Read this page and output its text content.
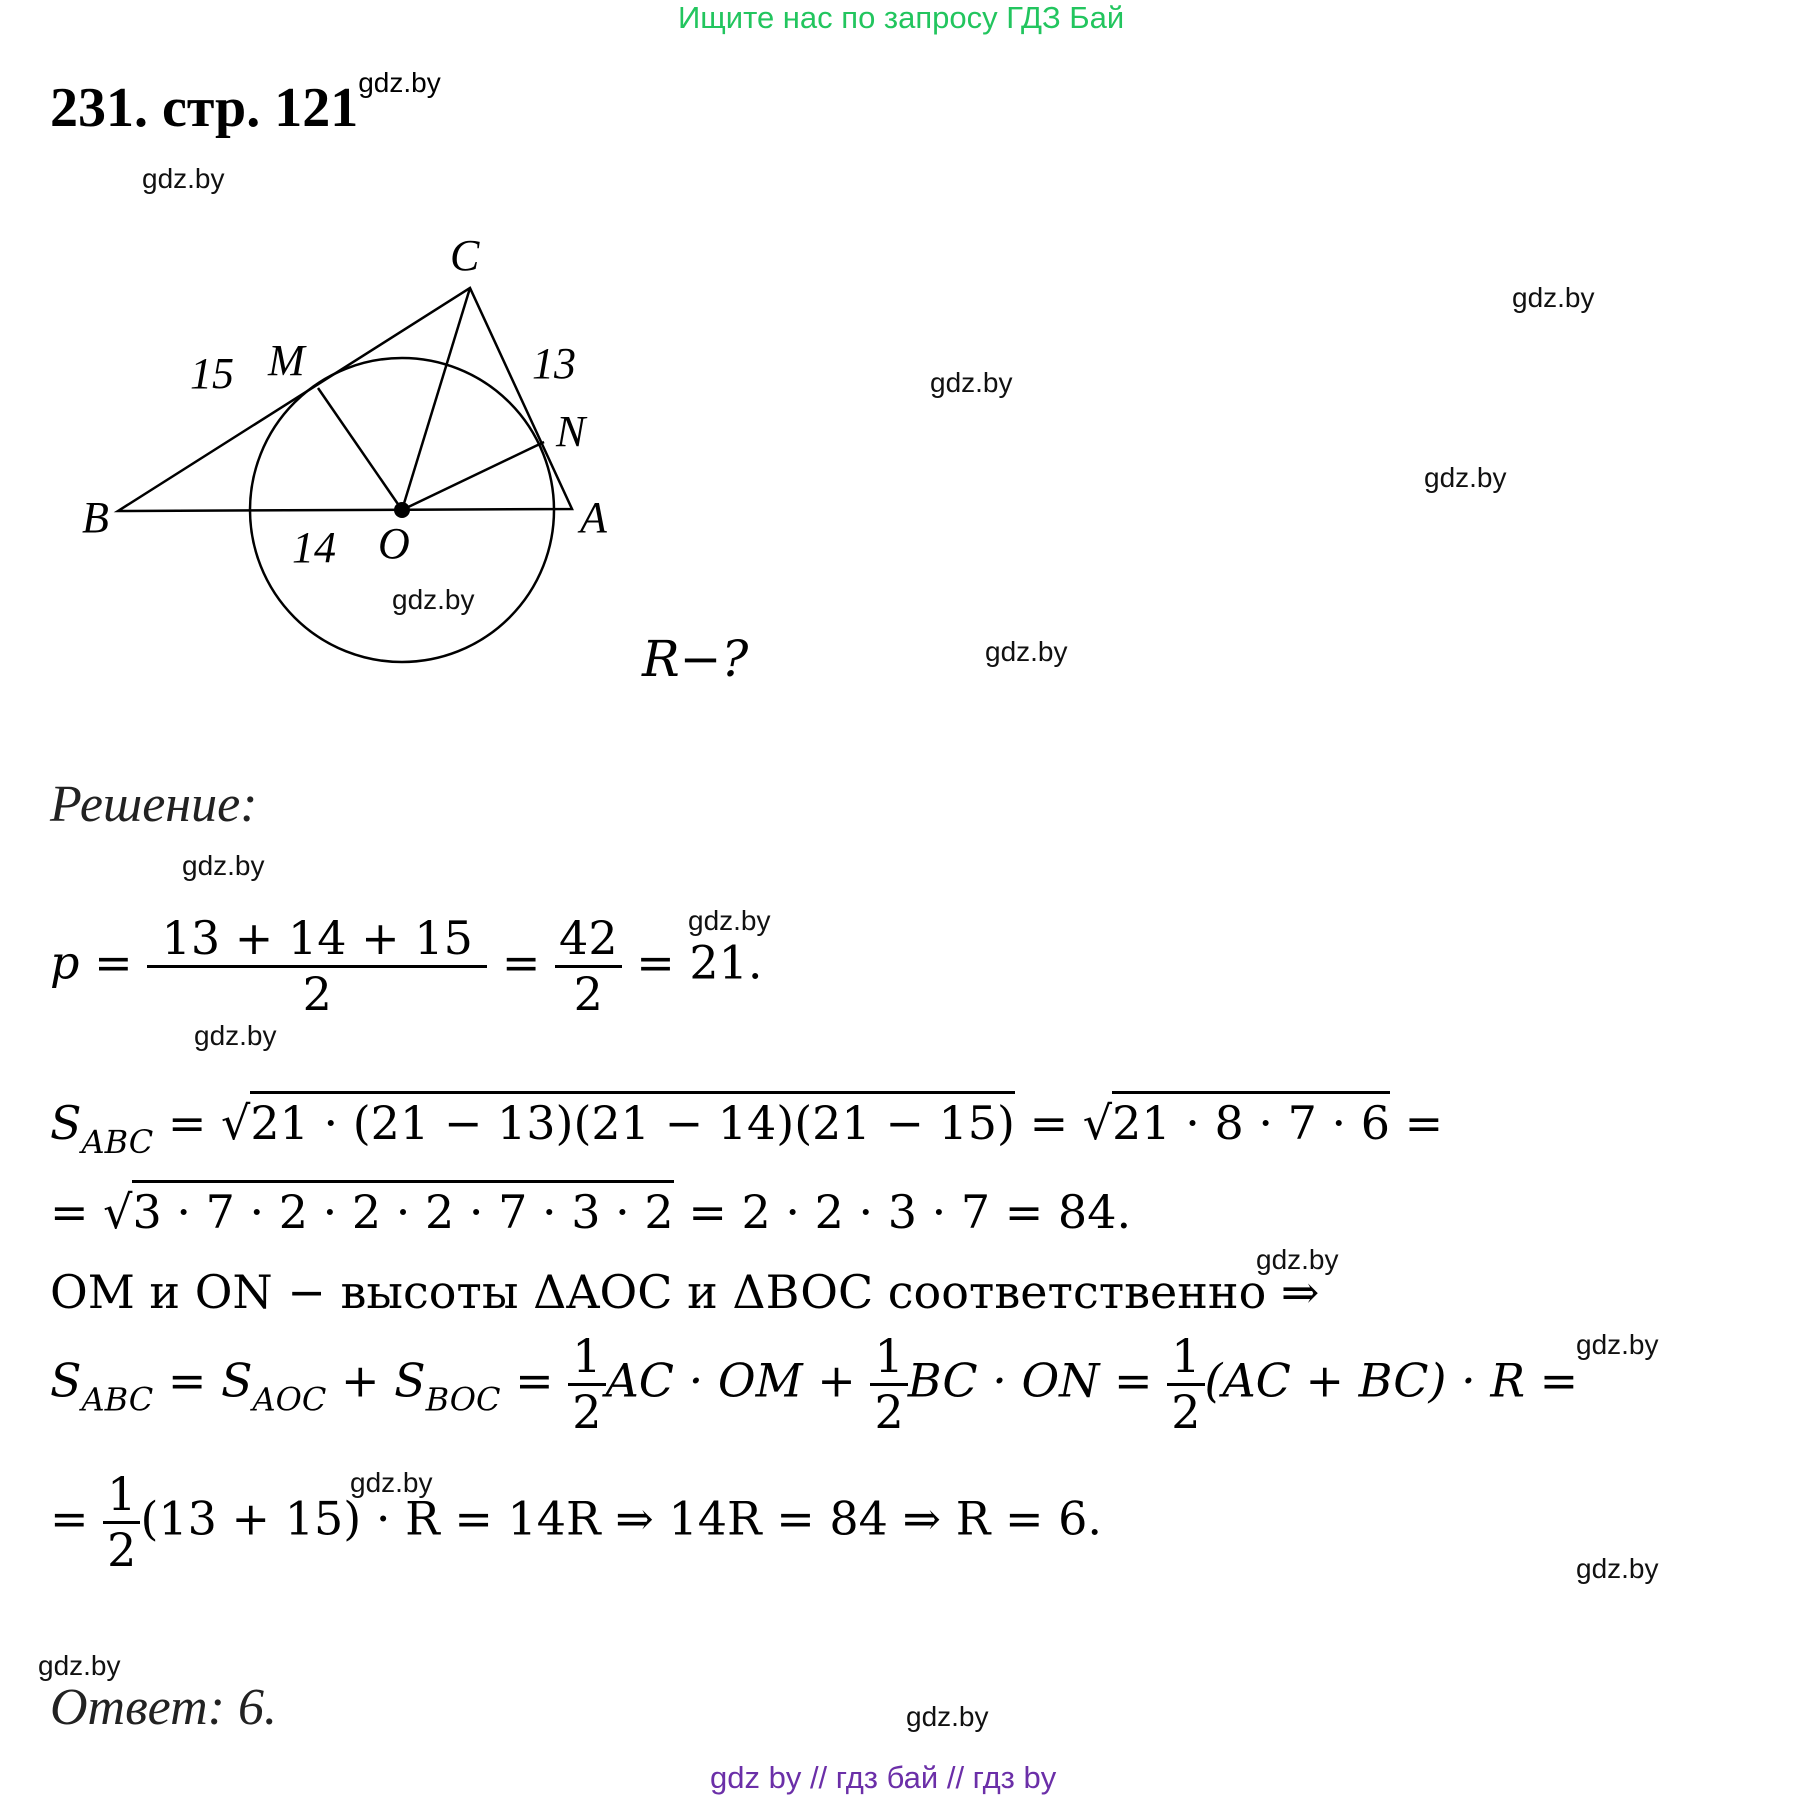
Ищите нас по запросу ГДЗ Бай
231. стр. $121^{gdz.by}$
gdz.by
gdz.by
gdz.by
gdz.by
gdz.by
gdz.by
gdz.by
gdz.by
gdz.by
gdz.by
gdz.by
gdz.by
gdz.by
gdz.by
gdz.by
C
M
N
B	A
O
15	13
14
R−?
Решение:
$p = \frac{13 + 14 + 15}{2} = \frac{42}{2} = 21$.
$S_{ABC} = √21 \cdot (21 - 13)(21 - 14)(21 - 15) = √21 \cdot 8 \cdot 7 \cdot 6$ =
= √3 · 7 · 2 · 2 · 2 · 7 · 3 · 2 = 2 · 2 · 3 · 7 = 84.
OM и ON − высоты ΔAOC и ΔBOC соответственно ⇒
$S_{ABC} = S_{AOC} + S_{BOC} = \frac{1}{2}$ AC · OM + $\frac{1}{2}$ BC · ON = $\frac{1}{2} (AC + BC) \cdot R$ =
= $\frac{1}{2} (13 + 15) \cdot R = 14R$ ⇒ 14R = 84 ⇒ R = 6.
Ответ: 6.
gdz by // гдз бай // гдз by
